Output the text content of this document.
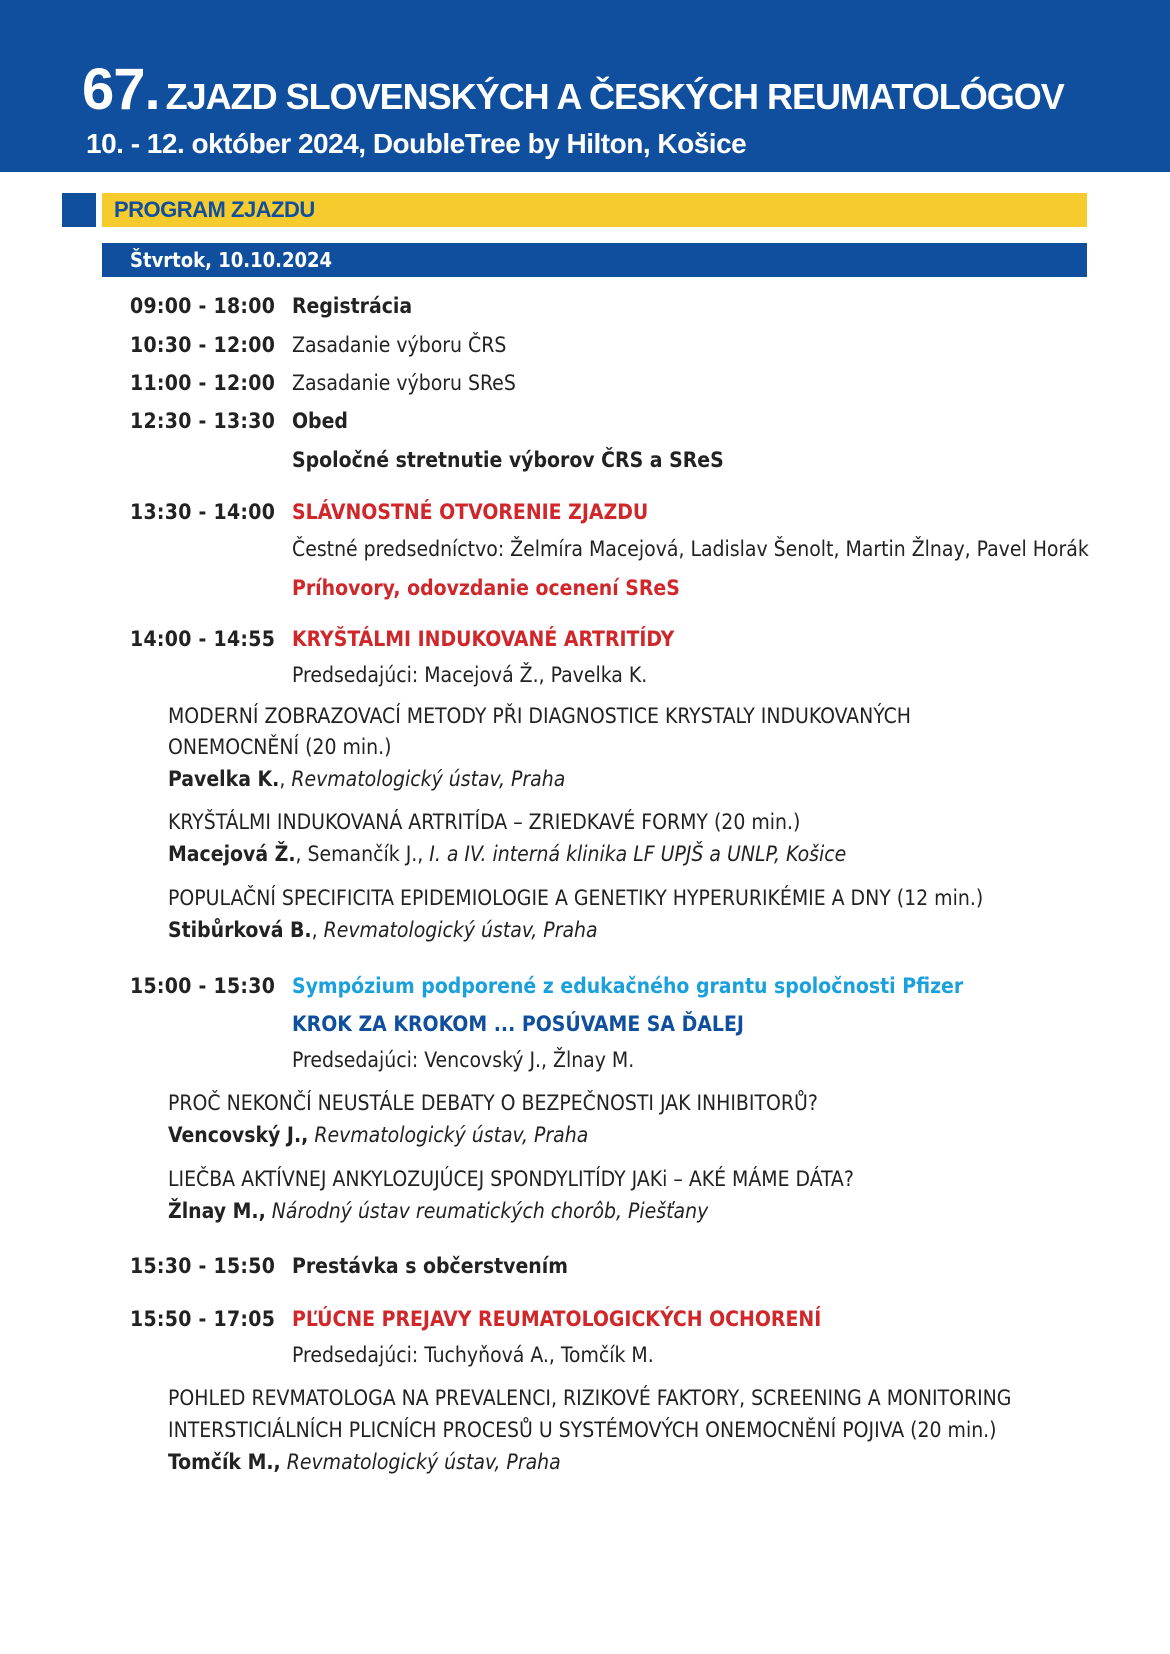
67. ZJAZD SLOVENSKÝCH A ČESKÝCH REUMATOLÓGOV
10. - 12. október 2024, DoubleTree by Hilton, Košice
PROGRAM ZJAZDU
Štvrtok, 10.10.2024
09:00 - 18:00 Registrácia
10:30 - 12:00 Zasadanie výboru ČRS
11:00 - 12:00 Zasadanie výboru SReS
12:30 - 13:30 Obed
Spoločné stretnutie výborov ČRS a SReS
13:30 - 14:00 SLÁVNOSTNÉ OTVORENIE ZJAZDU
Čestné predsedníctvo: Želmíra Macejová, Ladislav Šenolt, Martin Žlnay, Pavel Horák
Príhovory, odovzdanie ocenení SReS
14:00 - 14:55 KRYŠTÁLMI INDUKOVANÉ ARTRITÍDY
Predsedajúci: Macejová Ž., Pavelka K.
MODERNÍ ZOBRAZOVACÍ METODY PŘI DIAGNOSTICE KRYSTALY INDUKOVANÝCH
ONEMOCNĚNÍ (20 min.)
Pavelka K., Revmatologický ústav, Praha
KRYŠTÁLMI INDUKOVANÁ ARTRITÍDA – ZRIEDKAVÉ FORMY (20 min.)
Macejová Ž., Semančík J., I. a IV. interná klinika LF UPJŠ a UNLP, Košice
POPULAČNÍ SPECIFICITA EPIDEMIOLOGIE A GENETIKY HYPERURIKÉMIE A DNY (12 min.)
Stibůrková B., Revmatologický ústav, Praha
15:00 - 15:30 Sympózium podporené z edukačného grantu spoločnosti Pfizer
KROK ZA KROKOM ... POSÚVAME SA ĎALEJ
Predsedajúci: Vencovský J., Žlnay M.
PROČ NEKONČÍ NEUSTÁLE DEBATY O BEZPEČNOSTI JAK INHIBITORŮ?
Vencovský J., Revmatologický ústav, Praha
LIEČBA AKTÍVNEJ ANKYLOZUJÚCEJ SPONDYLITÍDY JAKi – AKÉ MÁME DÁTA?
Žlnay M., Národný ústav reumatických chorôb, Piešťany
15:30 - 15:50 Prestávka s občerstvením
15:50 - 17:05 PĽÚCNE PREJAVY REUMATOLOGICKÝCH OCHORENÍ
Predsedajúci: Tuchyňová A., Tomčík M.
POHLED REVMATOLOGA NA PREVALENCI, RIZIKOVÉ FAKTORY, SCREENING A MONITORING
INTERSTICIÁLNÍCH PLICNÍCH PROCESŮ U SYSTÉMOVÝCH ONEMOCNĚNÍ POJIVA (20 min.)
Tomčík M., Revmatologický ústav, Praha
